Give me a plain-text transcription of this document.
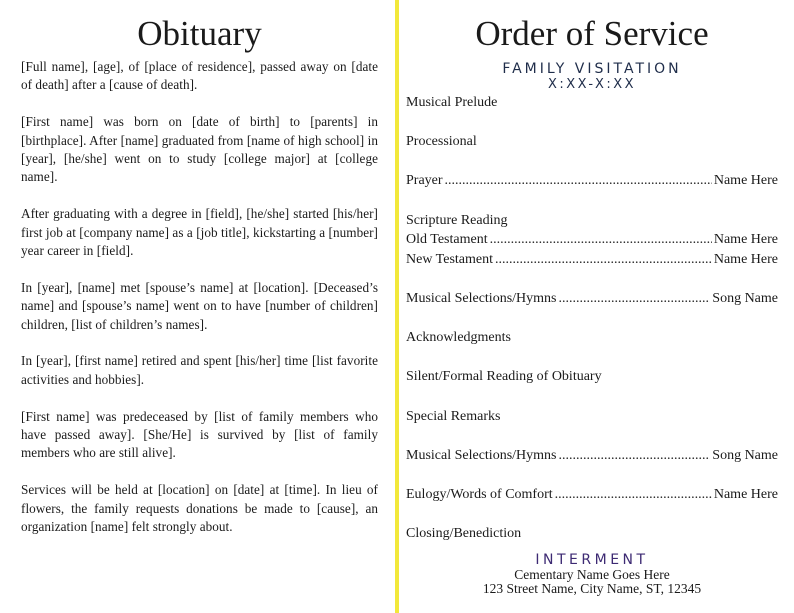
Obituary

[Full name], [age], of [place of residence], passed away on [date of death] after a [cause of death].

[First name] was born on [date of birth] to [parents] in [birthplace]. After [name] graduated from [name of high school] in [year], [he/she] went on to study [college major] at [college name].

After graduating with a degree in [field], [he/she] started [his/her] first job at [company name] as a [job title], kickstarting a [number] year career in [field].

In [year], [name] met [spouse’s name] at [location]. [Deceased’s name] and [spouse’s name] went on to have [number of children] children, [list of children’s names].

In [year], [first name] retired and spent [his/her] time [list favorite activities and hobbies].

[First name] was predeceased by [list of family members who have passed away]. [She/He] is survived by [list of family members who are still alive].

Services will be held at [location] on [date] at [time]. In lieu of flowers, the family requests donations be made to [cause], an organization [name] felt strongly about.

Order of Service
FAMILY VISITATION
X:XX-X:XX
Musical Prelude
Processional
Prayer .....	Name Here
Scripture Reading
Old Testament .....	Name Here
New Testament .....	Name Here
Musical Selections/Hymns .....	Song Name
Acknowledgments
Silent/Formal Reading of Obituary
Special Remarks
Musical Selections/Hymns .....	Song Name
Eulogy/Words of Comfort .....	Name Here
Closing/Benediction
INTERMENT
Cementary Name Goes Here
123 Street Name, City Name, ST, 12345
